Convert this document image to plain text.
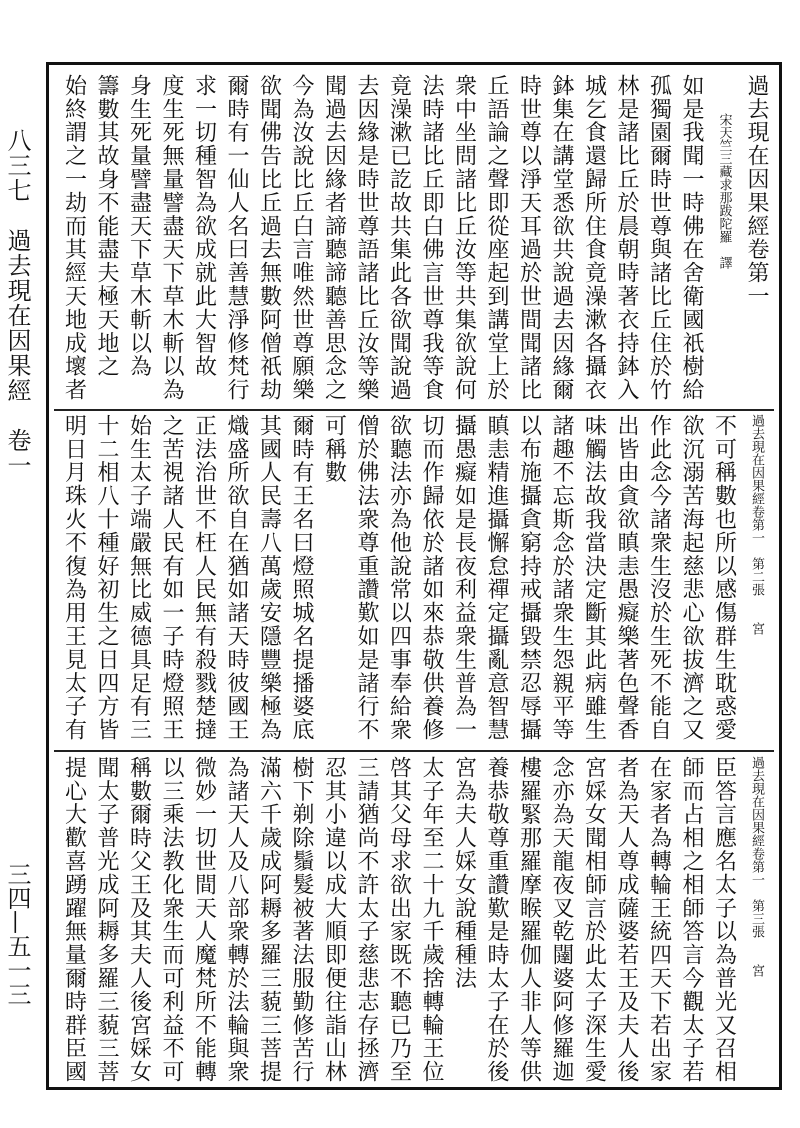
八三七　過去現在因果經　卷一
三四—五一三
過去現在因果經卷第一
　　　宋天竺三藏求那跋陀羅　譯
如是我聞一時佛在舍衛國祇樹給
孤獨園爾時世尊與諸比丘住於竹
林是諸比丘於晨朝時著衣持鉢入
城乞食還歸所住食竟澡漱各攝衣
鉢集在講堂悉欲共說過去因緣爾
時世尊以淨天耳過於世間聞諸比
丘語論之聲即從座起到講堂上於
衆中坐問諸比丘汝等共集欲說何
法時諸比丘即白佛言世尊我等食
竟澡漱已訖故共集此各欲聞說過
去因緣是時世尊語諸比丘汝等樂
聞過去因緣者諦聽諦聽善思念之
今為汝說比丘白言唯然世尊願樂
欲聞佛告比丘過去無數阿僧祇劫
爾時有一仙人名曰善慧淨修梵行
求一切種智為欲成就此大智故
度生死無量譬盡天下草木斬以為
身生死量譬盡天下草木斬以為
籌數其故身不能盡夫極天地之
始終謂之一劫而其經天地成壞者
過去現在因果經卷第一　第二張　　宮
不可稱數也所以感傷群生耽惑愛
欲沉溺苦海起慈悲心欲拔濟之又
作此念今諸衆生沒於生死不能自
出皆由貪欲瞋恚愚癡樂著色聲香
味觸法故我當決定斷其此病雖生
諸趣不忘斯念於諸衆生怨親平等
以布施攝貪窮持戒攝毀禁忍辱攝
瞋恚精進攝懈怠禪定攝亂意智慧
攝愚癡如是長夜利益衆生普為一
切而作歸依於諸如來恭敬供養修
欲聽法亦為他說常以四事奉給衆
僧於佛法衆尊重讚歎如是諸行不
可稱數
爾時有王名曰燈照城名提播婆底
其國人民壽八萬歲安隱豐樂極為
熾盛所欲自在猶如諸天時彼國王
正法治世不枉人民無有殺戮楚撻
之苦視諸人民有如一子時燈照王
始生太子端嚴無比威德具足有三
十二相八十種好初生之日四方皆
明日月珠火不復為用王見太子有
過去現在因果經卷第一　第三張　　宮
臣答言應名太子以為普光又召相
師而占相之相師答言今觀太子若
在家者為轉輪王統四天下若出家
者為天人尊成薩婆若王及夫人後
宮婇女聞相師言於此太子深生愛
念亦為天龍夜叉乾闥婆阿修羅迦
樓羅緊那羅摩睺羅伽人非人等供
養恭敬尊重讚歎是時太子在於後
宮為夫人婇女說種種法
太子年至二十九千歲捨轉輪王位
啓其父母求欲出家既不聽已乃至
三請猶尚不許太子慈悲志存拯濟
忍其小違以成大順即便往詣山林
樹下剃除鬚髮被著法服勤修苦行
滿六千歲成阿耨多羅三藐三菩提
為諸天人及八部衆轉於法輪與衆
微妙一切世間天人魔梵所不能轉
以三乘法教化衆生而可利益不可
稱數爾時父王及其夫人後宮婇女
聞太子普光成阿耨多羅三藐三菩
提心大歡喜踴躍無量爾時群臣國
